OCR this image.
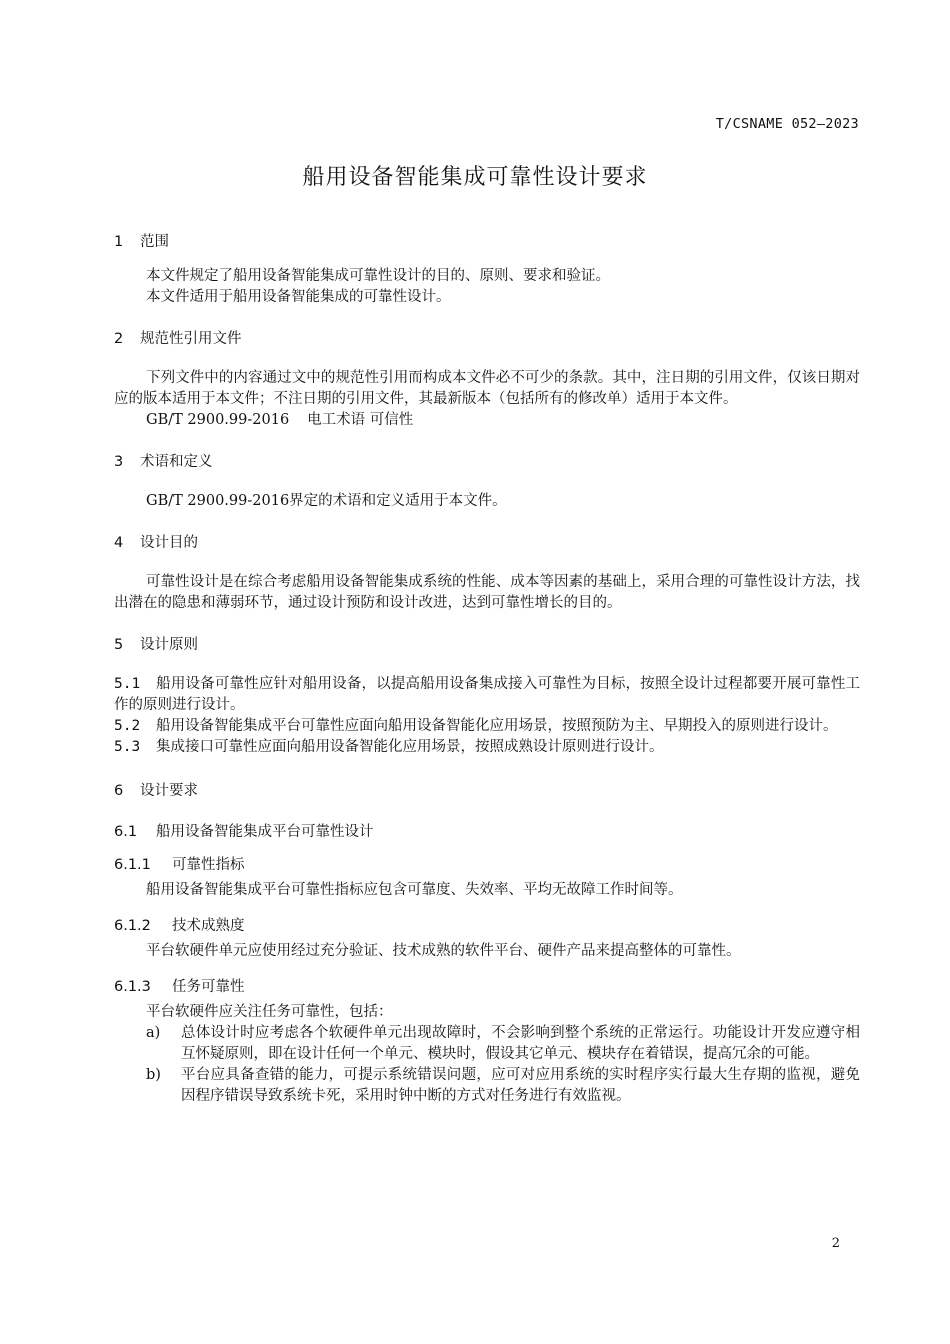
T/CSNAME 052—2023
船用设备智能集成可靠性设计要求
1 范围
本文件规定了船用设备智能集成可靠性设计的目的、原则、要求和验证。
本文件适用于船用设备智能集成的可靠性设计。
2 规范性引用文件
下列文件中的内容通过文中的规范性引用而构成本文件必不可少的条款。其中，注日期的引用文件，仅该日期对应的版本适用于本文件；不注日期的引用文件，其最新版本（包括所有的修改单）适用于本文件。
GB/T 2900.99-2016 电工术语 可信性
3 术语和定义
GB/T 2900.99-2016界定的术语和定义适用于本文件。
4 设计目的
可靠性设计是在综合考虑船用设备智能集成系统的性能、成本等因素的基础上，采用合理的可靠性设计方法，找出潜在的隐患和薄弱环节，通过设计预防和设计改进，达到可靠性增长的目的。
5 设计原则
5.1 船用设备可靠性应针对船用设备，以提高船用设备集成接入可靠性为目标，按照全设计过程都要开展可靠性工作的原则进行设计。
5.2 船用设备智能集成平台可靠性应面向船用设备智能化应用场景，按照预防为主、早期投入的原则进行设计。
5.3 集成接口可靠性应面向船用设备智能化应用场景，按照成熟设计原则进行设计。
6 设计要求
6.1 船用设备智能集成平台可靠性设计
6.1.1 可靠性指标
船用设备智能集成平台可靠性指标应包含可靠度、失效率、平均无故障工作时间等。
6.1.2 技术成熟度
平台软硬件单元应使用经过充分验证、技术成熟的软件平台、硬件产品来提高整体的可靠性。
6.1.3 任务可靠性
平台软硬件应关注任务可靠性，包括：
a)	总体设计时应考虑各个软硬件单元出现故障时，不会影响到整个系统的正常运行。功能设计开发应遵守相互怀疑原则，即在设计任何一个单元、模块时，假设其它单元、模块存在着错误，提高冗余的可能。
b)	平台应具备查错的能力，可提示系统错误问题，应可对应用系统的实时程序实行最大生存期的监视，避免因程序错误导致系统卡死，采用时钟中断的方式对任务进行有效监视。
2
